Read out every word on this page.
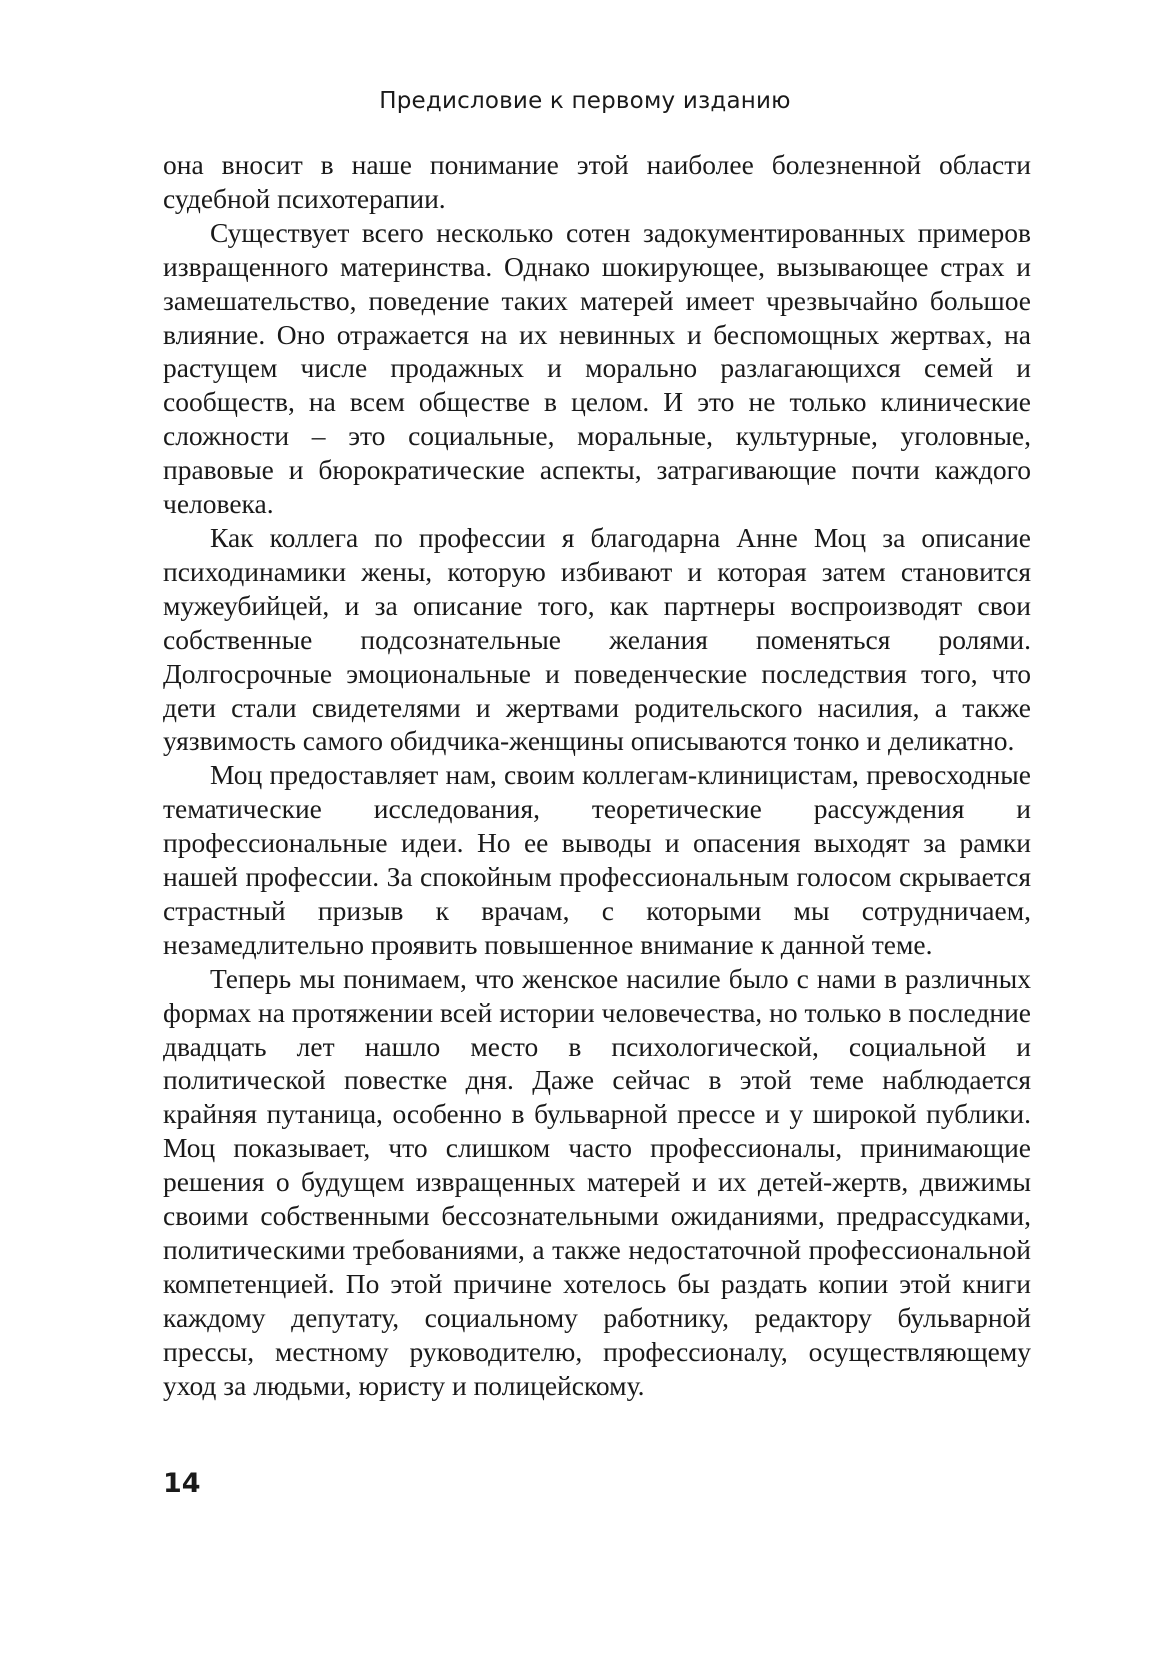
Предисловие к первому изданию

она вносит в наше понимание этой наиболее болезненной области судебной психотерапии.

Существует всего несколько сотен задокументированных примеров извращенного материнства. Однако шокирующее, вызывающее страх и замешательство, поведение таких матерей имеет чрезвычайно большое влияние. Оно отражается на их невинных и беспомощных жертвах, на растущем числе продажных и морально разлагающихся семей и сообществ, на всем обществе в целом. И это не только клинические сложности – это социальные, моральные, культурные, уголовные, правовые и бюрократические аспекты, затрагивающие почти каждого человека.

Как коллега по профессии я благодарна Анне Моц за описание психодинамики жены, которую избивают и которая затем становится мужеубийцей, и за описание того, как партнеры воспроизводят свои собственные подсознательные желания поменяться ролями. Долгосрочные эмоциональные и поведенческие последствия того, что дети стали свидетелями и жертвами родительского насилия, а также уязвимость самого обидчика-женщины описываются тонко и деликатно.

Моц предоставляет нам, своим коллегам-клиницистам, превосходные тематические исследования, теоретические рассуждения и профессиональные идеи. Но ее выводы и опасения выходят за рамки нашей профессии. За спокойным профессиональным голосом скрывается страстный призыв к врачам, с которыми мы сотрудничаем, незамедлительно проявить повышенное внимание к данной теме.

Теперь мы понимаем, что женское насилие было с нами в различных формах на протяжении всей истории человечества, но только в последние двадцать лет нашло место в психологической, социальной и политической повестке дня. Даже сейчас в этой теме наблюдается крайняя путаница, особенно в бульварной прессе и у широкой публики. Моц показывает, что слишком часто профессионалы, принимающие решения о будущем извращенных матерей и их детей-жертв, движимы своими собственными бессознательными ожиданиями, предрассудками, политическими требованиями, а также недостаточной профессиональной компетенцией. По этой причине хотелось бы раздать копии этой книги каждому депутату, социальному работнику, редактору бульварной прессы, местному руководителю, профессионалу, осуществляющему уход за людьми, юристу и полицейскому.

14
